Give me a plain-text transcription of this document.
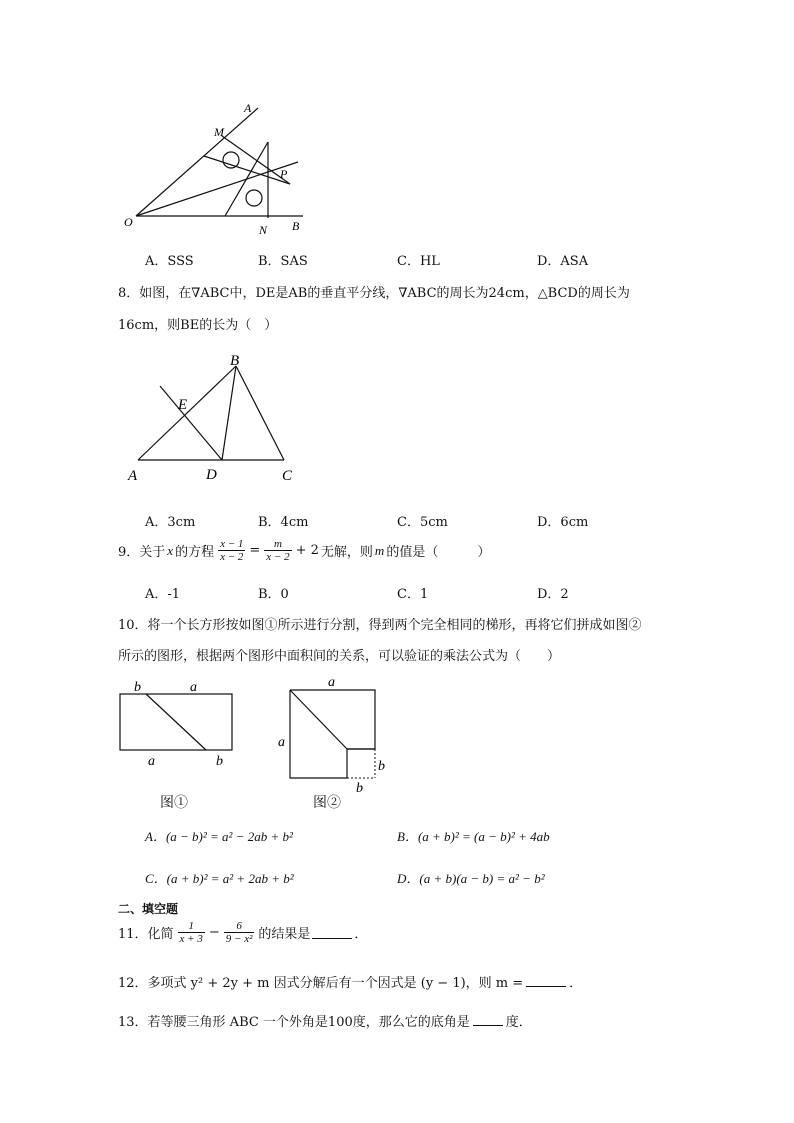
A
M
P
O
N B
A．SSS	B．SAS	C．HL	D．ASA
8．如图，在∇ABC中，DE是AB的垂直平分线，∇ABC的周长为24cm，△BCD的周长为
16cm，则BE的长为（　）
B
E
A	D	C
A．3cm	B．4cm	C．5cm	D．6cm
9．关于 x 的方程 $\frac{x - 1}{x - 2} = \frac{m}{x - 2} + 2$ 无解，则 m 的值是（　　　）
A．-1	B．0	C．1	D．2
10．将一个长方形按如图①所示进行分割，得到两个完全相同的梯形，再将它们拼成如图②
所示的图形，根据两个图形中面积间的关系，可以验证的乘法公式为（　　）
b	a
a	b
图①
a
a
b
b
图②
A．(a − b)² = a² − 2ab + b²	B．(a + b)² = (a − b)² + 4ab
C．(a + b)² = a² + 2ab + b²	D．(a + b)(a − b) = a² − b²
二、填空题
11．化简 $\frac{1}{x + 3} - \frac{6}{\text{9 − x²}}$ 的结果是	．
12．多项式 y² + 2y + m 因式分解后有一个因式是 (y − 1)，则 m =	．
13．若等腰三角形 ABC 一个外角是100度，那么它的底角是	度．
